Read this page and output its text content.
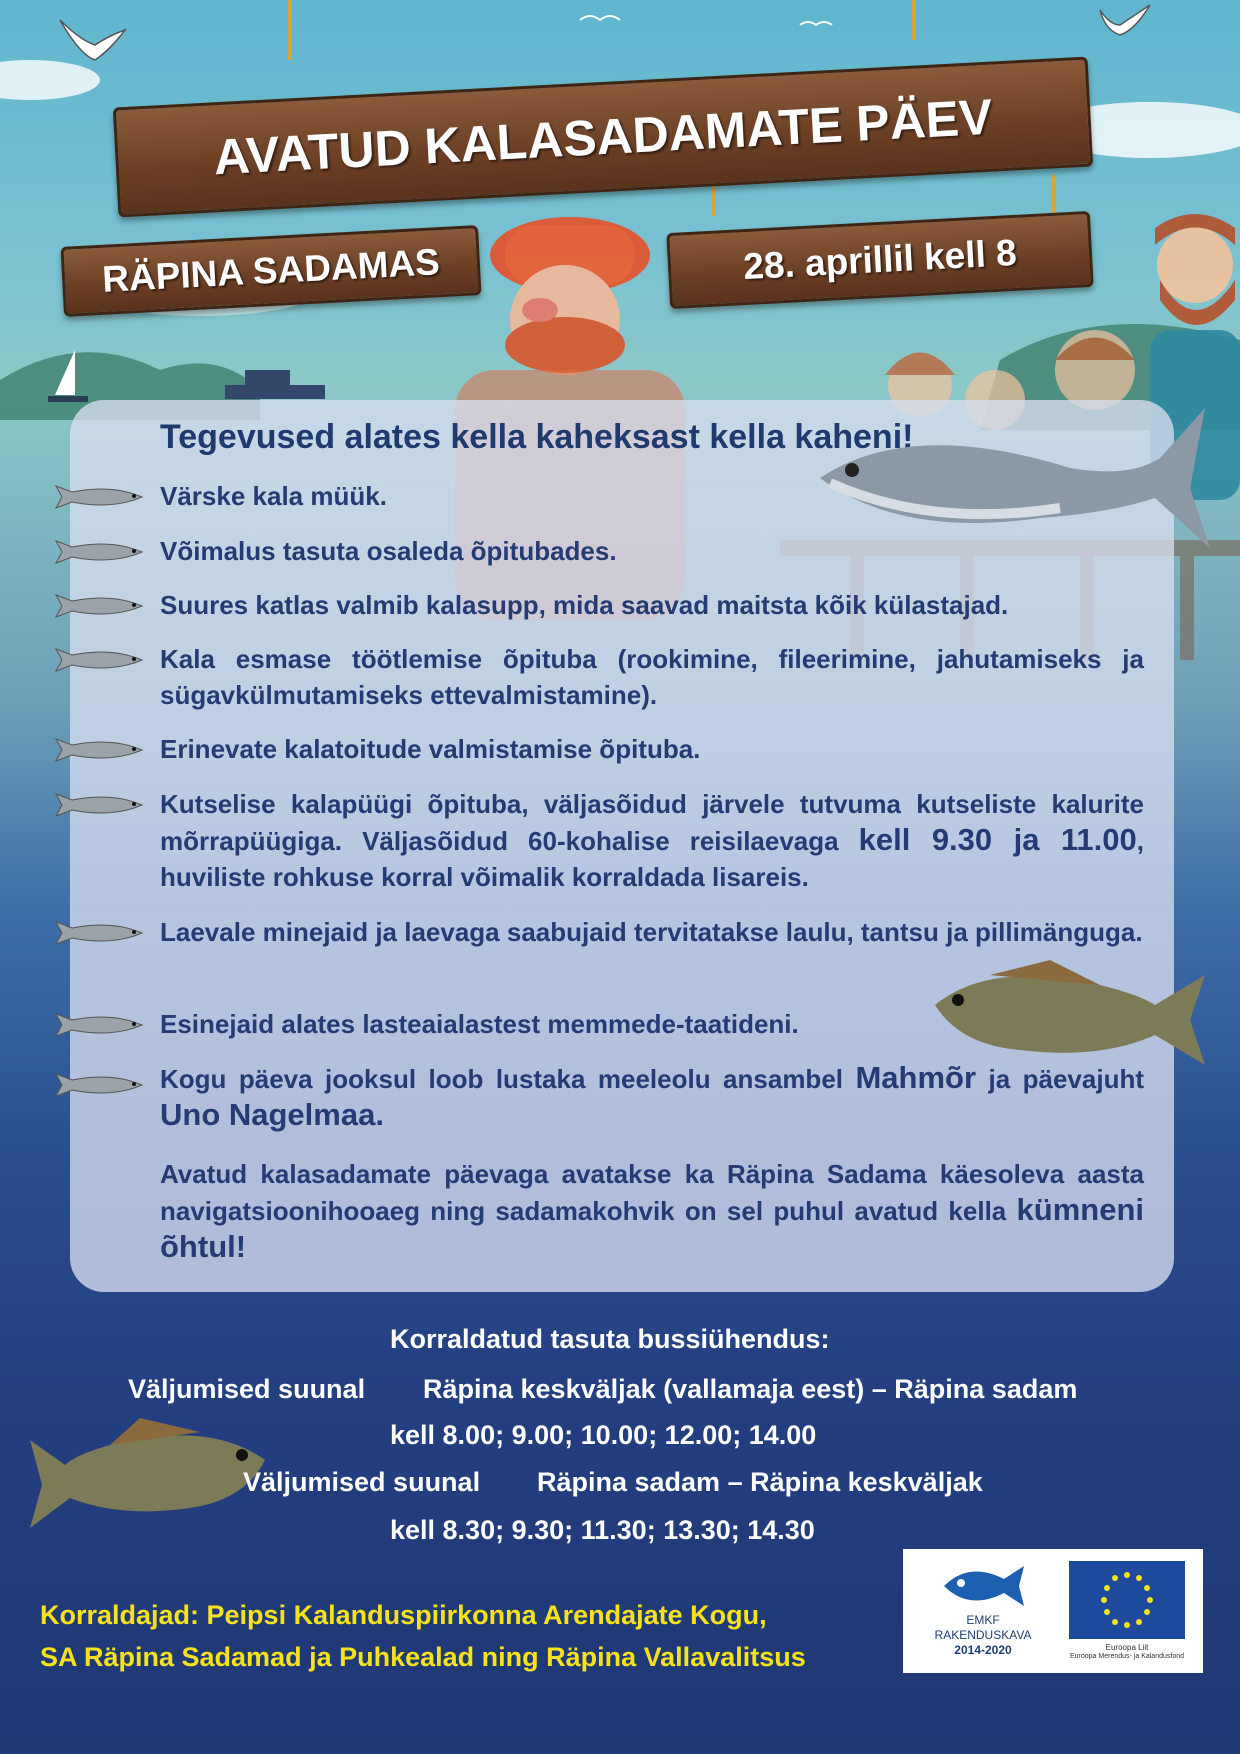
AVATUD KALASADAMATE PÄEV
RÄPINA SADAMAS	28. aprillil kell 8
Tegevused alates kella kaheksast kella kaheni!
Värske kala müük.
Võimalus tasuta osaleda õpitubades.
Suures katlas valmib kalasupp, mida saavad maitsta kõik külastajad.
Kala esmase töötlemise õpituba (rookimine, fileerimine, jahutamiseks ja sügavkülmutamiseks ettevalmistamine).
Erinevate kalatoitude valmistamise õpituba.
Kutselise kalapüügi õpituba, väljasõidud järvele tutvuma kutseliste kalurite mõrrapüügiga. Väljasõidud 60-kohalise reisilaevaga kell 9.30 ja 11.00, huviliste rohkuse korral võimalik korraldada lisareis.
Laevale minejaid ja laevaga saabujaid tervitatakse laulu, tantsu ja pillimänguga.
Esinejaid alates lasteaialastest memmede-taatideni.
Kogu päeva jooksul loob lustaka meeleolu ansambel Mahmõr ja päevajuht Uno Nagelmaa.
Avatud kalasadamate päevaga avatakse ka Räpina Sadama käesoleva aasta navigatsioonihooaeg ning sadamakohvik on sel puhul avatud kella kümneni õhtul!
Korraldatud tasuta bussiühendus:
Väljumised suunal Räpina keskväljak (vallamaja eest) – Räpina sadam
kell 8.00; 9.00; 10.00; 12.00; 14.00
Väljumised suunal Räpina sadam – Räpina keskväljak
kell 8.30; 9.30; 11.30; 13.30; 14.30
Korraldajad: Peipsi Kalanduspiirkonna Arendajate Kogu,
SA Räpina Sadamad ja Puhkealad ning Räpina Vallavalitsus
EMKF
RAKENDUSKAVA
2014-2020	Euroopa Liit
Euroopa Merendus- ja Kalandusfond
